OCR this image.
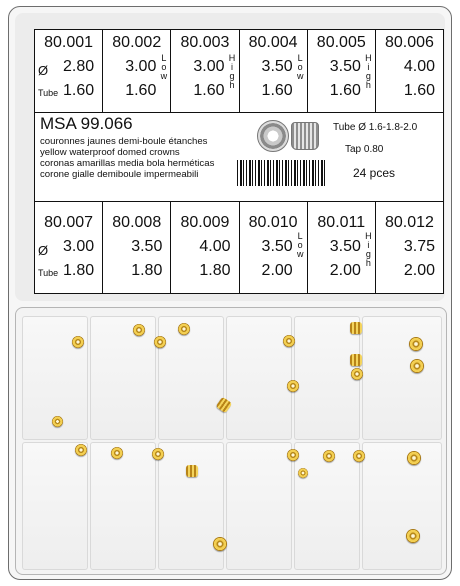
80.001
Ø 2.80
Tube 1.60
80.002
3.00
1.60
L
o
w
80.003
3.00
1.60
H
i
g
h
80.004
3.50
1.60
L
o
w
80.005
3.50
1.60
H
i
g
h
80.006
4.00
1.60
MSA 99.066
couronnes jaunes demi-boule étanches
yellow waterproof domed crowns
coronas amarillas media bola herméticas
corone gialle demiboule impermeabili
Tube Ø 1.6-1.8-2.0
Tap 0.80
24 pces
80.007
Ø 3.00
Tube 1.80
80.008
3.50
1.80
80.009
4.00
1.80
80.010
3.50
2.00
L
o
w
80.011
3.50
2.00
H
i
g
h
80.012
3.75
2.00
